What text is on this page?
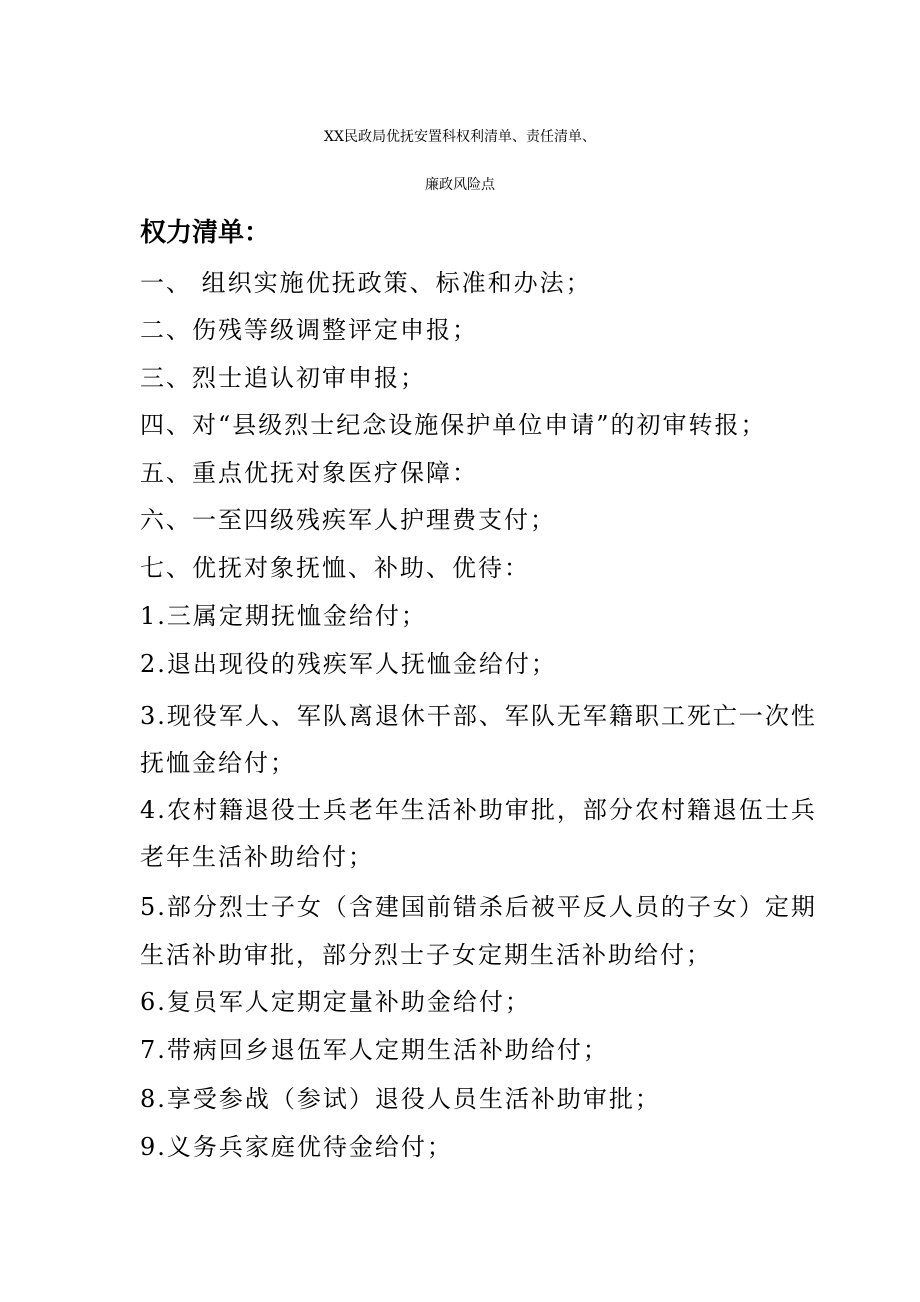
XX民政局优抚安置科权利清单、责任清单、
廉政风险点
权力清单：
一、 组织实施优抚政策、标准和办法；
二、伤残等级调整评定申报；
三、烈士追认初审申报；
四、对“县级烈士纪念设施保护单位申请”的初审转报；
五、重点优抚对象医疗保障：
六、一至四级残疾军人护理费支付；
七、优抚对象抚恤、补助、优待：
1.三属定期抚恤金给付；
2.退出现役的残疾军人抚恤金给付；
3.现役军人、军队离退休干部、军队无军籍职工死亡一次性
抚恤金给付；
4.农村籍退役士兵老年生活补助审批，部分农村籍退伍士兵
老年生活补助给付；
5.部分烈士子女（含建国前错杀后被平反人员的子女）定期
生活补助审批，部分烈士子女定期生活补助给付；
6.复员军人定期定量补助金给付；
7.带病回乡退伍军人定期生活补助给付；
8.享受参战（参试）退役人员生活补助审批；
9.义务兵家庭优待金给付；
